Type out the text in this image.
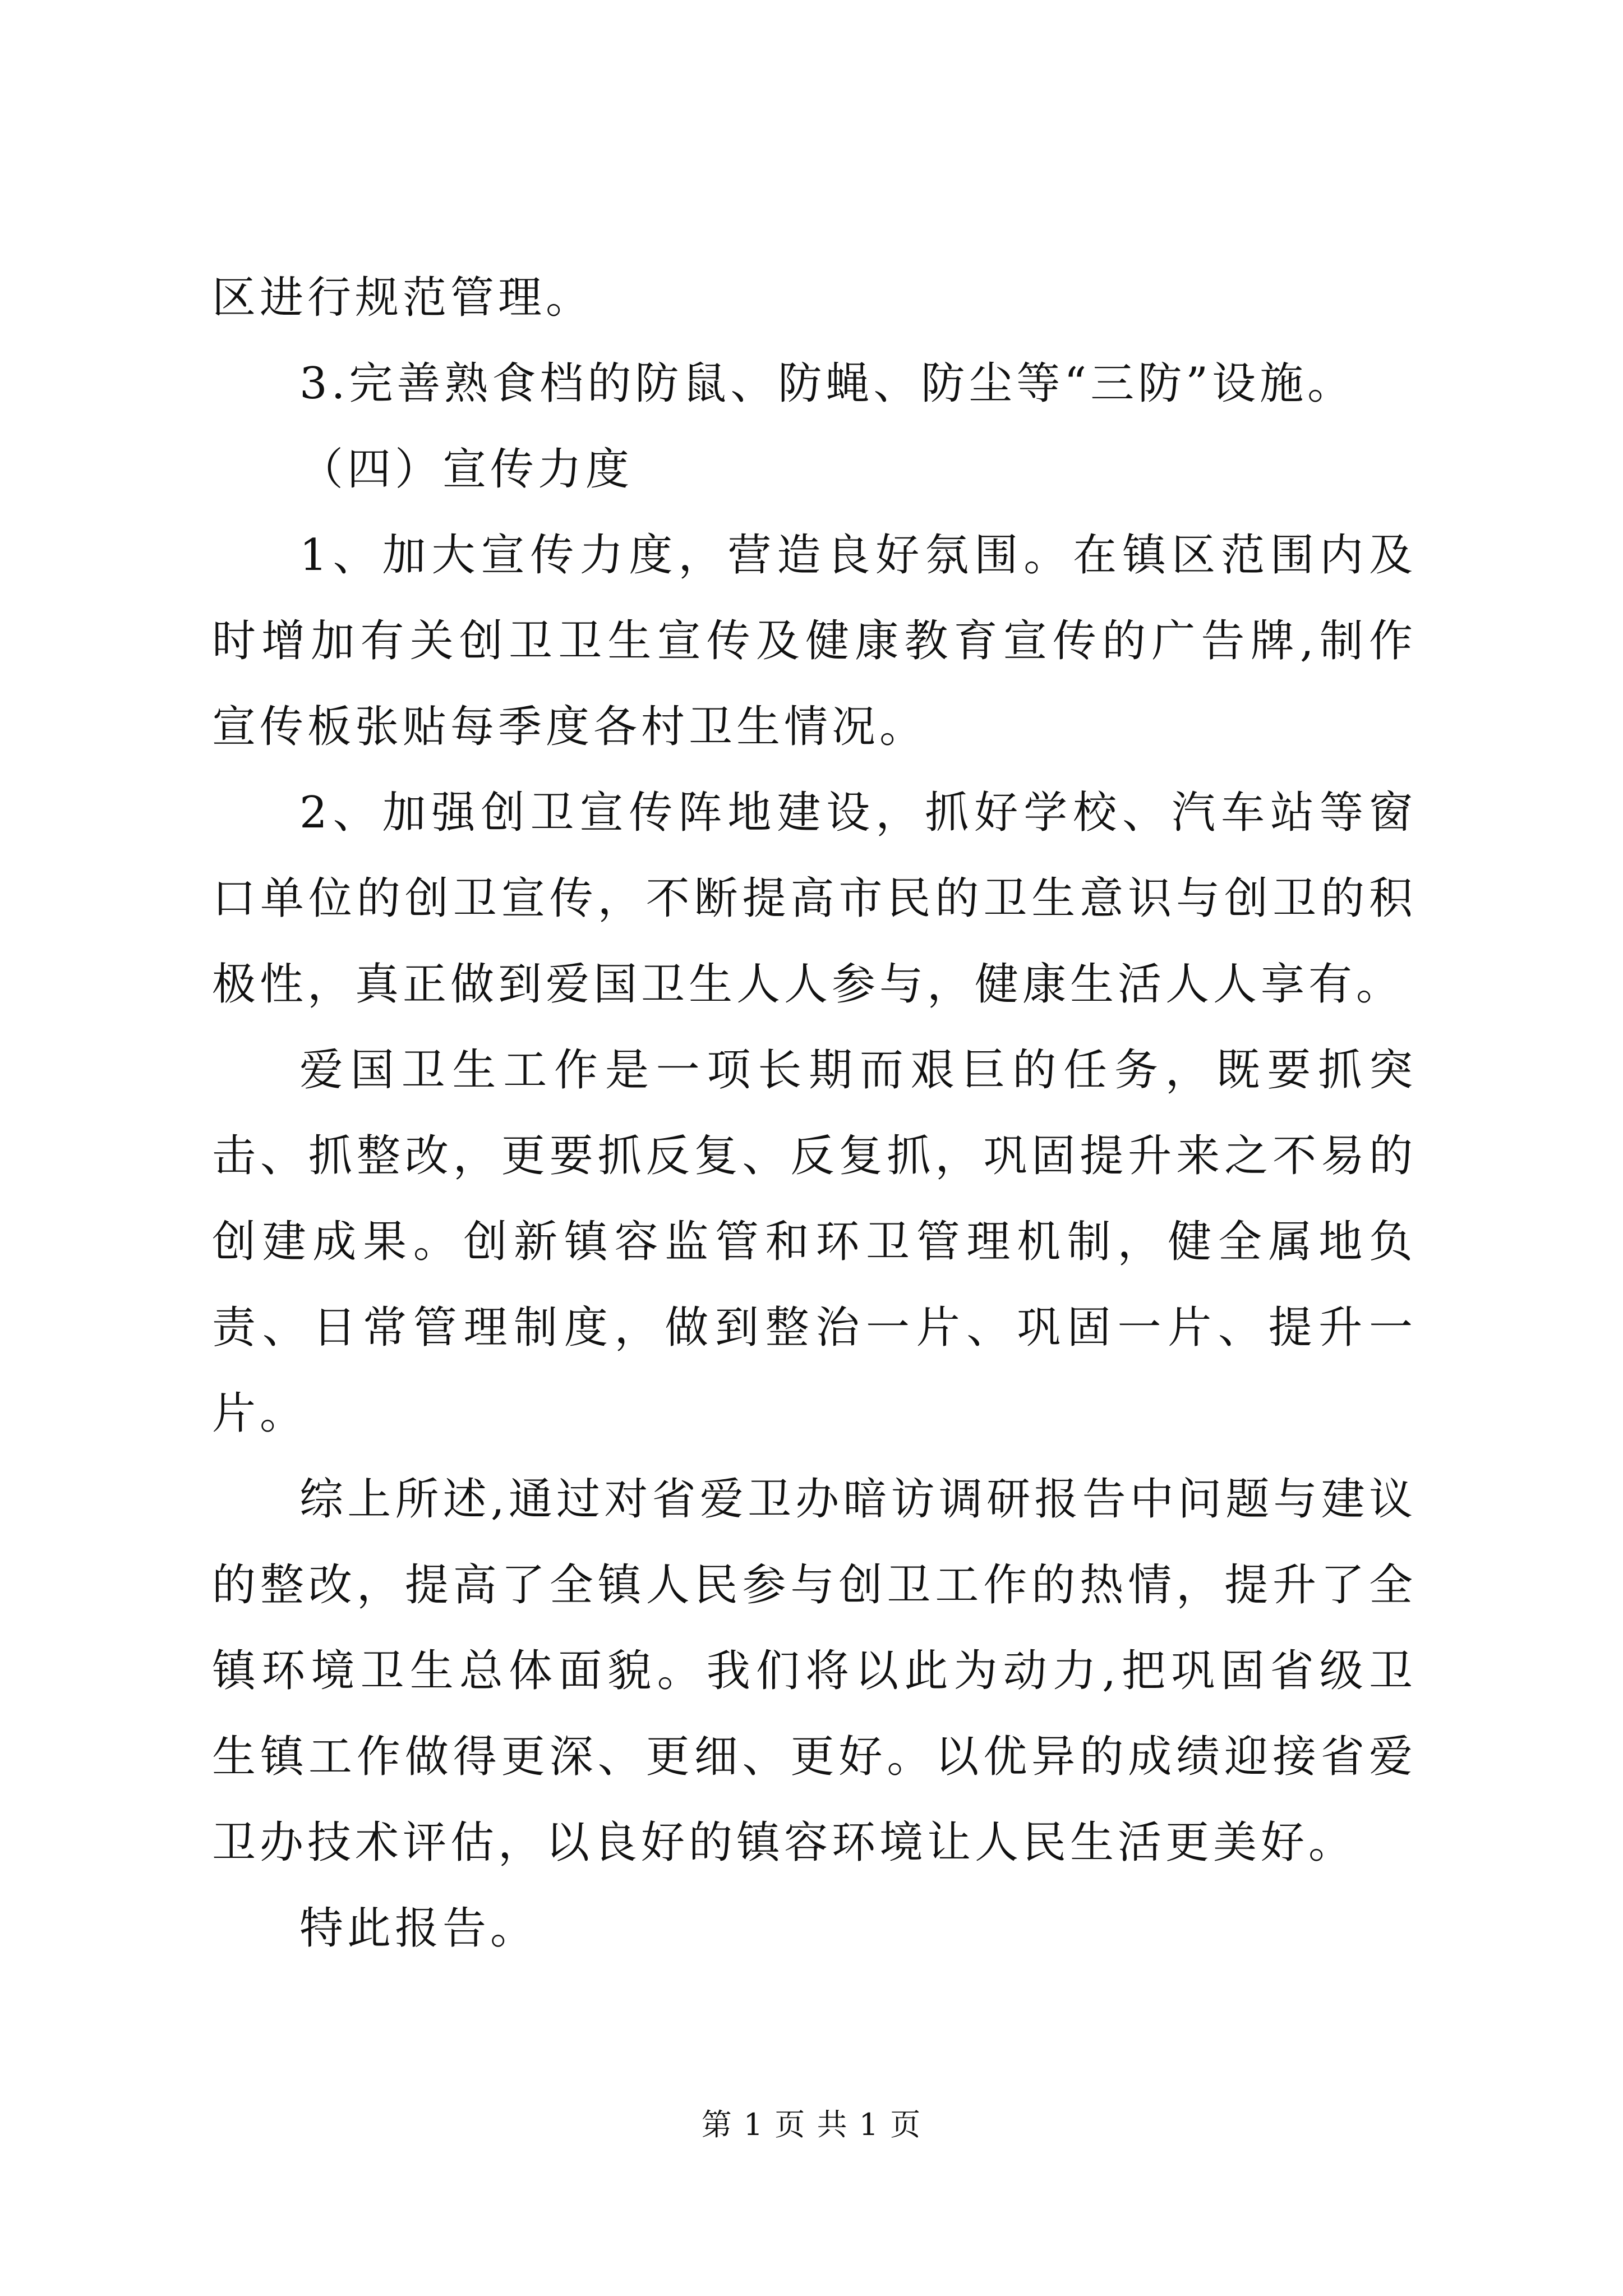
区进行规范管理。

3.完善熟食档的防鼠、防蝇、防尘等“三防”设施。

（四）宣传力度

1、加大宣传力度，营造良好氛围。在镇区范围内及时增加有关创卫卫生宣传及健康教育宣传的广告牌,制作宣传板张贴每季度各村卫生情况。

2、加强创卫宣传阵地建设，抓好学校、汽车站等窗口单位的创卫宣传，不断提高市民的卫生意识与创卫的积极性，真正做到爱国卫生人人参与，健康生活人人享有。

爱国卫生工作是一项长期而艰巨的任务，既要抓突击、抓整改，更要抓反复、反复抓，巩固提升来之不易的创建成果。创新镇容监管和环卫管理机制，健全属地负责、日常管理制度，做到整治一片、巩固一片、提升一片。

综上所述,通过对省爱卫办暗访调研报告中问题与建议的整改，提高了全镇人民参与创卫工作的热情，提升了全镇环境卫生总体面貌。我们将以此为动力,把巩固省级卫生镇工作做得更深、更细、更好。以优异的成绩迎接省爱卫办技术评估，以良好的镇容环境让人民生活更美好。

特此报告。

第 1 页 共 1 页
